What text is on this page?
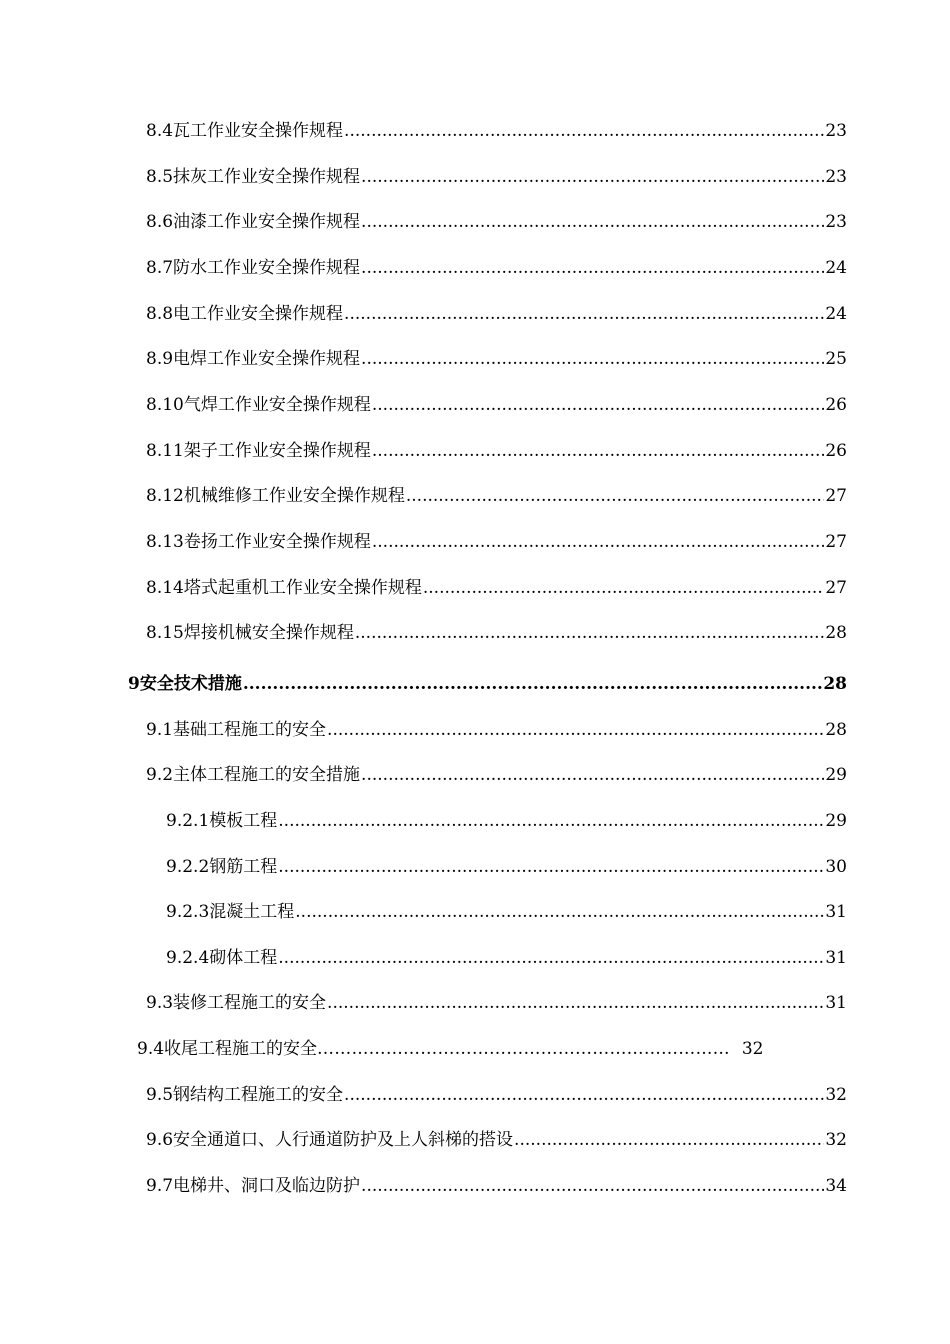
8.4 瓦工作业安全操作规程 .....	23
8.5 抹灰工作业安全操作规程 .....	23
8.6 油漆工作业安全操作规程 .....	23
8.7 防水工作业安全操作规程 .....	24
8.8 电工作业安全操作规程 .....	24
8.9 电焊工作业安全操作规程 .....	25
8.10 气焊工作业安全操作规程 .....	26
8.11 架子工作业安全操作规程 .....	26
8.12 机械维修工作业安全操作规程 .....	27
8.13 卷扬工作业安全操作规程 .....	27
8.14 塔式起重机工作业安全操作规程 .....	27
8.15 焊接机械安全操作规程 .....	28
9 安全技术措施 .....	28
9.1 基础工程施工的安全 .....	28
9.2 主体工程施工的安全措施 .....	29
9.2.1 模板工程 .....	29
9.2.2 钢筋工程 .....	30
9.2.3 混凝土工程 .....	31
9.2.4 砌体工程 .....	31
9.3 装修工程施工的安全 .....	31
9.4收尾工程施工的安全……………………………………………………………… 32
9.5 钢结构工程施工的安全 .....	32
9.6 安全通道口、人行通道防护及上人斜梯的搭设 .....	32
9.7 电梯井、洞口及临边防护 .....	34
